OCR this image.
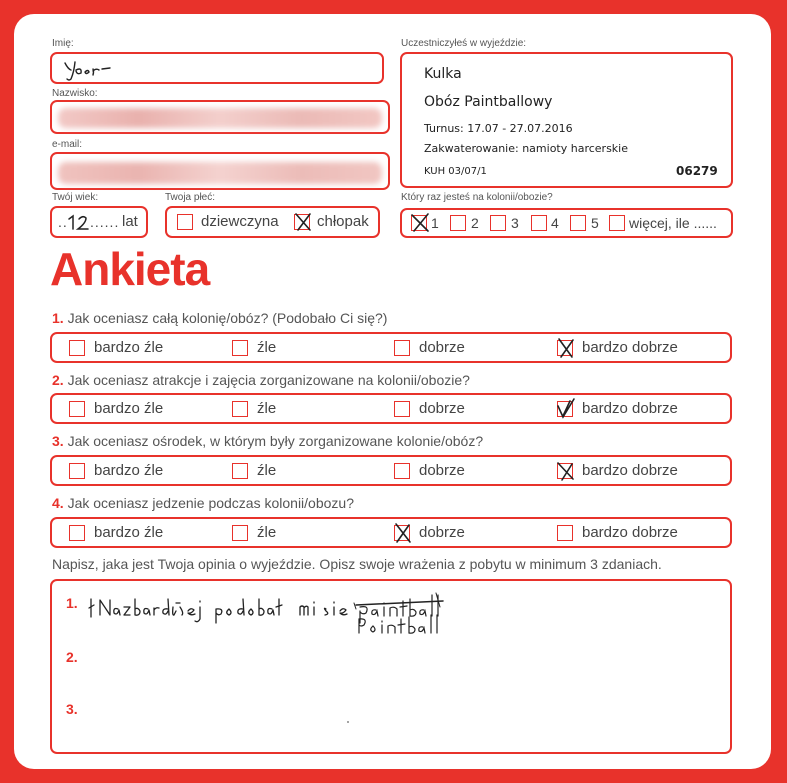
Imię:
Nazwisko:
e-mail:
Twój wiek:
.. ...... lat
Twoja płeć:
dziewczyna	chłopak
Uczestniczyłeś w wyjeździe:
Kulka
Obóz Paintballowy
Turnus: 17.07 - 27.07.2016
Zakwaterowanie: namioty harcerskie
KUH 03/07/1	06279
Który raz jesteś na kolonii/obozie?
1 2 3 4 5 więcej, ile ......
Ankieta
1. Jak oceniasz całą kolonię/obóz? (Podobało Ci się?)
bardzo źle	źle	dobrze	bardzo dobrze
2. Jak oceniasz atrakcje i zajęcia zorganizowane na kolonii/obozie?
bardzo źle	źle	dobrze	bardzo dobrze
3. Jak oceniasz ośrodek, w którym były zorganizowane kolonie/obóz?
bardzo źle	źle	dobrze	bardzo dobrze
4. Jak oceniasz jedzenie podczas kolonii/obozu?
bardzo źle	źle	dobrze	bardzo dobrze
Napisz, jaka jest Twoja opinia o wyjeździe. Opisz swoje wrażenia z pobytu w minimum 3 zdaniach.
1.
2.
3.
